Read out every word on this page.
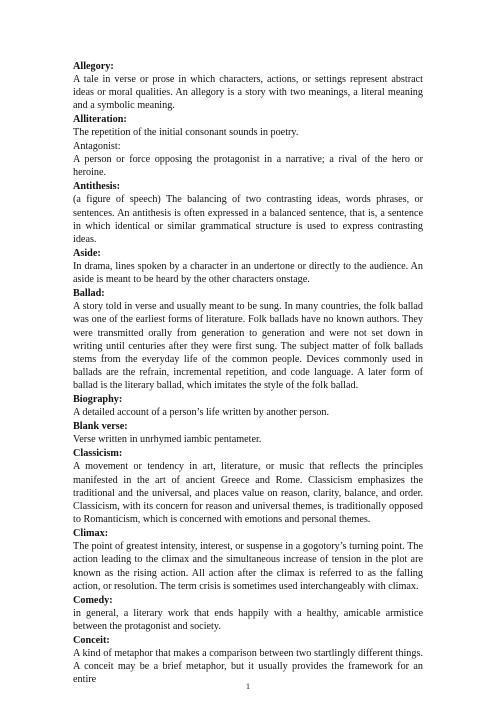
Allegory:
A tale in verse or prose in which characters, actions, or settings represent abstract ideas or moral qualities. An allegory is a story with two meanings, a literal meaning and a symbolic meaning.
Alliteration:
The repetition of the initial consonant sounds in poetry.
Antagonist:
A person or force opposing the protagonist in a narrative; a rival of the hero or heroine.
Antithesis:
(a figure of speech) The balancing of two contrasting ideas, words phrases, or sentences. An antithesis is often expressed in a balanced sentence, that is, a sentence in which identical or similar grammatical structure is used to express contrasting ideas.
Aside:
In drama, lines spoken by a character in an undertone or directly to the audience. An aside is meant to be heard by the other characters onstage.
Ballad:
A story told in verse and usually meant to be sung. In many countries, the folk ballad was one of the earliest forms of literature. Folk ballads have no known authors. They were transmitted orally from generation to generation and were not set down in writing until centuries after they were first sung. The subject matter of folk ballads stems from the everyday life of the common people. Devices commonly used in ballads are the refrain, incremental repetition, and code language. A later form of ballad is the literary ballad, which imitates the style of the folk ballad.
Biography:
A detailed account of a person’s life written by another person.
Blank verse:
Verse written in unrhymed iambic pentameter.
Classicism:
A movement or tendency in art, literature, or music that reflects the principles manifested in the art of ancient Greece and Rome. Classicism emphasizes the traditional and the universal, and places value on reason, clarity, balance, and order. Classicism, with its concern for reason and universal themes, is traditionally opposed to Romanticism, which is concerned with emotions and personal themes.
Climax:
The point of greatest intensity, interest, or suspense in a gogotory’s turning point. The action leading to the climax and the simultaneous increase of tension in the plot are known as the rising action. All action after the climax is referred to as the falling action, or resolution. The term crisis is sometimes used interchangeably with climax.
Comedy:
in general, a literary work that ends happily with a healthy, amicable armistice between the protagonist and society.
Conceit:
A kind of metaphor that makes a comparison between two startlingly different things. A conceit may be a brief metaphor, but it usually provides the framework for an entire
1
